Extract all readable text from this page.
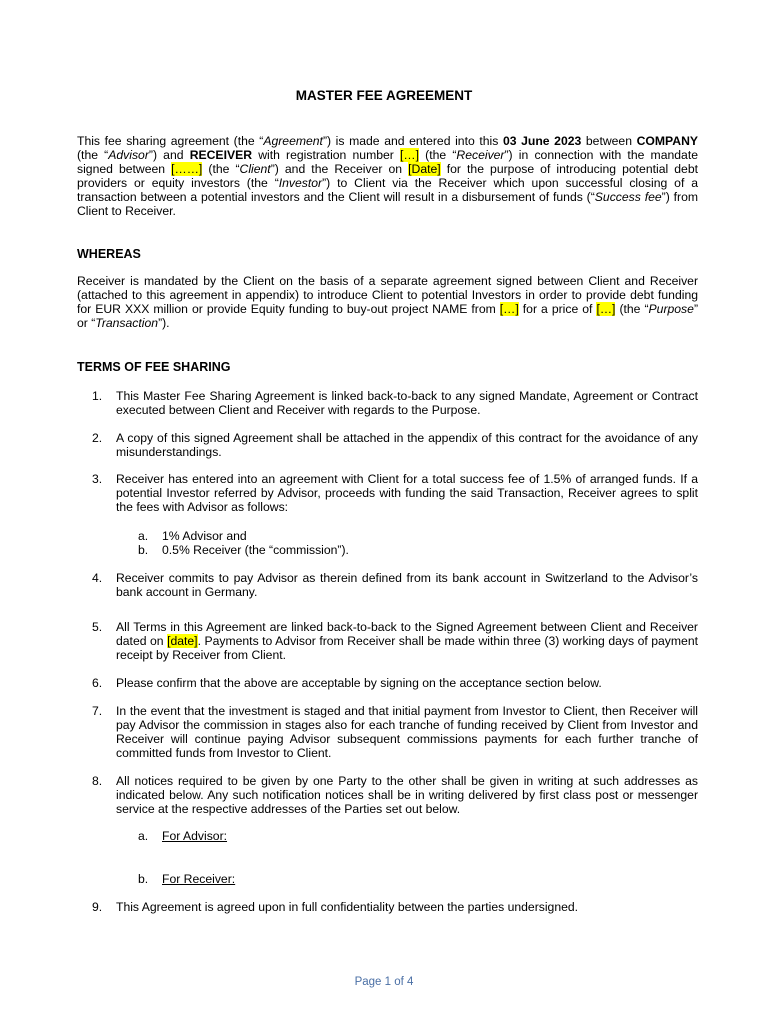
MASTER FEE AGREEMENT
This fee sharing agreement (the “Agreement”) is made and entered into this 03 June 2023 between COMPANY (the “Advisor”) and RECEIVER with registration number […] (the “Receiver”) in connection with the mandate signed between [……] (the “Client”) and the Receiver on [Date] for the purpose of introducing potential debt providers or equity investors (the “Investor”) to Client via the Receiver which upon successful closing of a transaction between a potential investors and the Client will result in a disbursement of funds (“Success fee”) from Client to Receiver.
WHEREAS
Receiver is mandated by the Client on the basis of a separate agreement signed between Client and Receiver (attached to this agreement in appendix) to introduce Client to potential Investors in order to provide debt funding for EUR XXX million or provide Equity funding to buy-out project NAME from […] for a price of […] (the “Purpose” or “Transaction”).
TERMS OF FEE SHARING
1. This Master Fee Sharing Agreement is linked back-to-back to any signed Mandate, Agreement or Contract executed between Client and Receiver with regards to the Purpose.
2. A copy of this signed Agreement shall be attached in the appendix of this contract for the avoidance of any misunderstandings.
3. Receiver has entered into an agreement with Client for a total success fee of 1.5% of arranged funds. If a potential Investor referred by Advisor, proceeds with funding the said Transaction, Receiver agrees to split the fees with Advisor as follows:
a. 1% Advisor and
b. 0.5% Receiver (the “commission”).
4. Receiver commits to pay Advisor as therein defined from its bank account in Switzerland to the Advisor’s bank account in Germany.
5. All Terms in this Agreement are linked back-to-back to the Signed Agreement between Client and Receiver dated on [date]. Payments to Advisor from Receiver shall be made within three (3) working days of payment receipt by Receiver from Client.
6. Please confirm that the above are acceptable by signing on the acceptance section below.
7. In the event that the investment is staged and that initial payment from Investor to Client, then Receiver will pay Advisor the commission in stages also for each tranche of funding received by Client from Investor and Receiver will continue paying Advisor subsequent commissions payments for each further tranche of committed funds from Investor to Client.
8. All notices required to be given by one Party to the other shall be given in writing at such addresses as indicated below. Any such notification notices shall be in writing delivered by first class post or messenger service at the respective addresses of the Parties set out below.
a. For Advisor:
b. For Receiver:
9. This Agreement is agreed upon in full confidentiality between the parties undersigned.
Page 1 of 4
